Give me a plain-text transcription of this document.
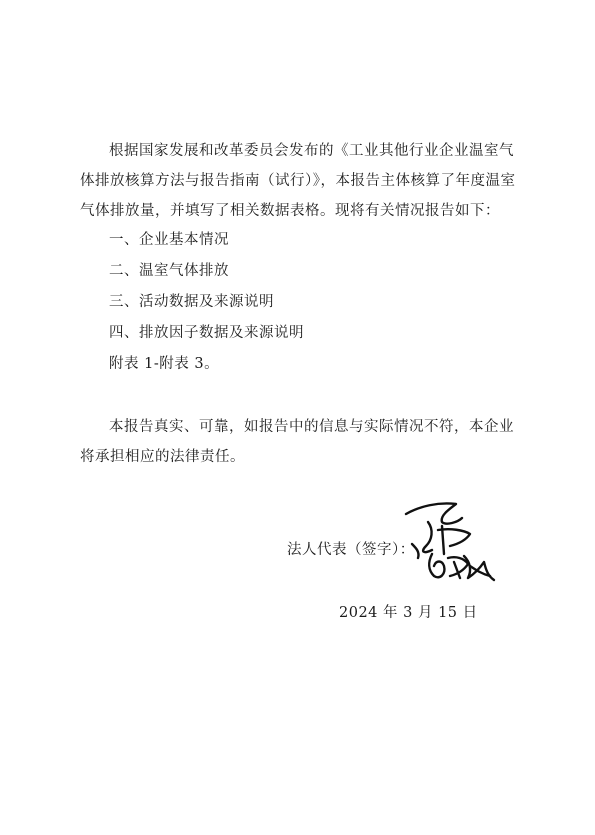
根据国家发展和改革委员会发布的《工业其他行业企业温室气体排放核算方法与报告指南（试行）》，本报告主体核算了年度温室气体排放量，并填写了相关数据表格。现将有关情况报告如下：

一、企业基本情况

二、温室气体排放

三、活动数据及来源说明

四、排放因子数据及来源说明

附表 1-附表 3。

本报告真实、可靠，如报告中的信息与实际情况不符，本企业将承担相应的法律责任。

法人代表（签字）：
2024 年 3 月 15 日
